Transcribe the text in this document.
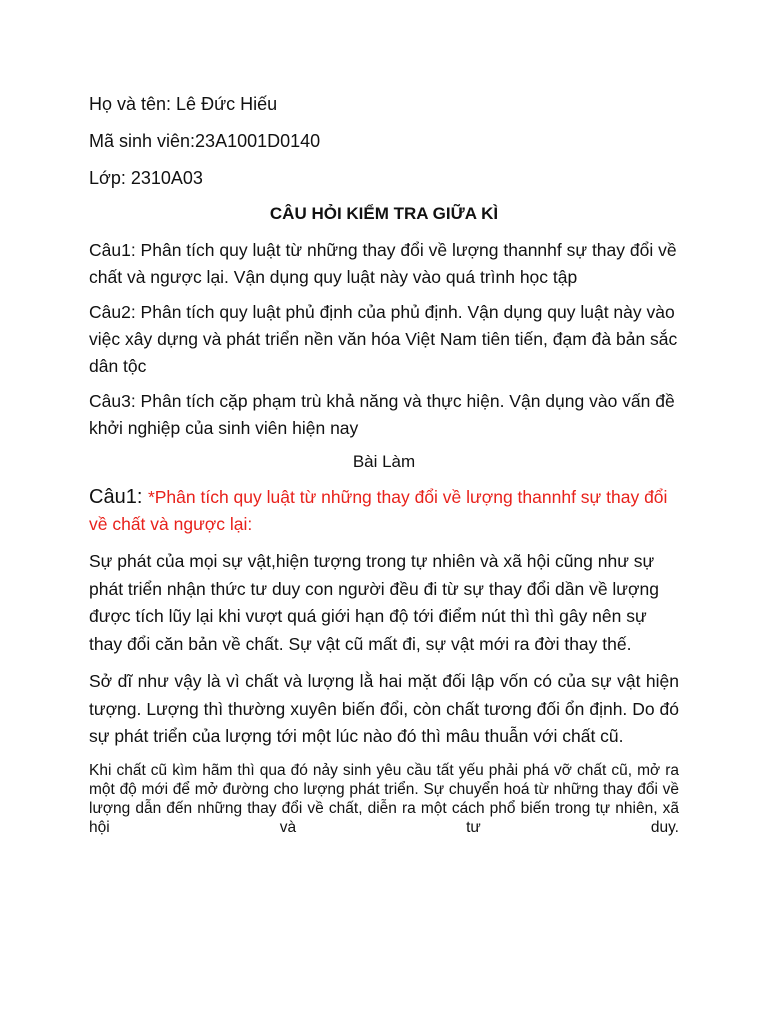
Họ và tên: Lê Đức Hiếu

Mã sinh viên:23A1001D0140

Lớp: 2310A03

CÂU HỎI KIỂM TRA GIỮA KÌ

Câu1: Phân tích quy luật từ những thay đổi về lượng thannhf sự thay đổi về chất và ngược lại. Vận dụng quy luật này vào quá trình học tập

Câu2: Phân tích quy luật phủ định của phủ định. Vận dụng quy luật này vào việc xây dựng và phát triển nền văn hóa Việt Nam tiên tiến, đạm đà bản sắc dân tộc

Câu3: Phân tích cặp phạm trù khả năng và thực hiện. Vận dụng vào vấn đề khởi nghiệp của sinh viên hiện nay

Bài Làm

Câu1: *Phân tích quy luật từ những thay đổi về lượng thannhf sự thay đổi về chất và ngược lại:

Sự phát của mọi sự vật,hiện tượng trong tự nhiên và xã hội cũng như sự phát triển nhận thức tư duy con người đều đi từ sự thay đổi dần về lượng được tích lũy lại khi vượt quá giới hạn độ tới điểm nút thì thì gây nên sự thay đổi căn bản về chất. Sự vật cũ mất đi, sự vật mới ra đời thay thế.

Sở dĩ như vậy là vì chất và lượng lằ hai mặt đối lập vốn có của sự vật hiện tượng. Lượng thì thường xuyên biến đổi, còn chất tương đối ổn định. Do đó sự phát triển của lượng tới một lúc nào đó thì mâu thuẫn với chất cũ.

Khi chất cũ kìm hãm thì qua đó nảy sinh yêu cầu tất yếu phải phá vỡ chất cũ, mở ra một độ mới để mở đường cho lượng phát triển. Sự chuyển hoá từ những thay đổi về lượng dẫn đến những thay đổi về chất, diễn ra một cách phổ biến trong tự nhiên, xã hội và tư duy.
